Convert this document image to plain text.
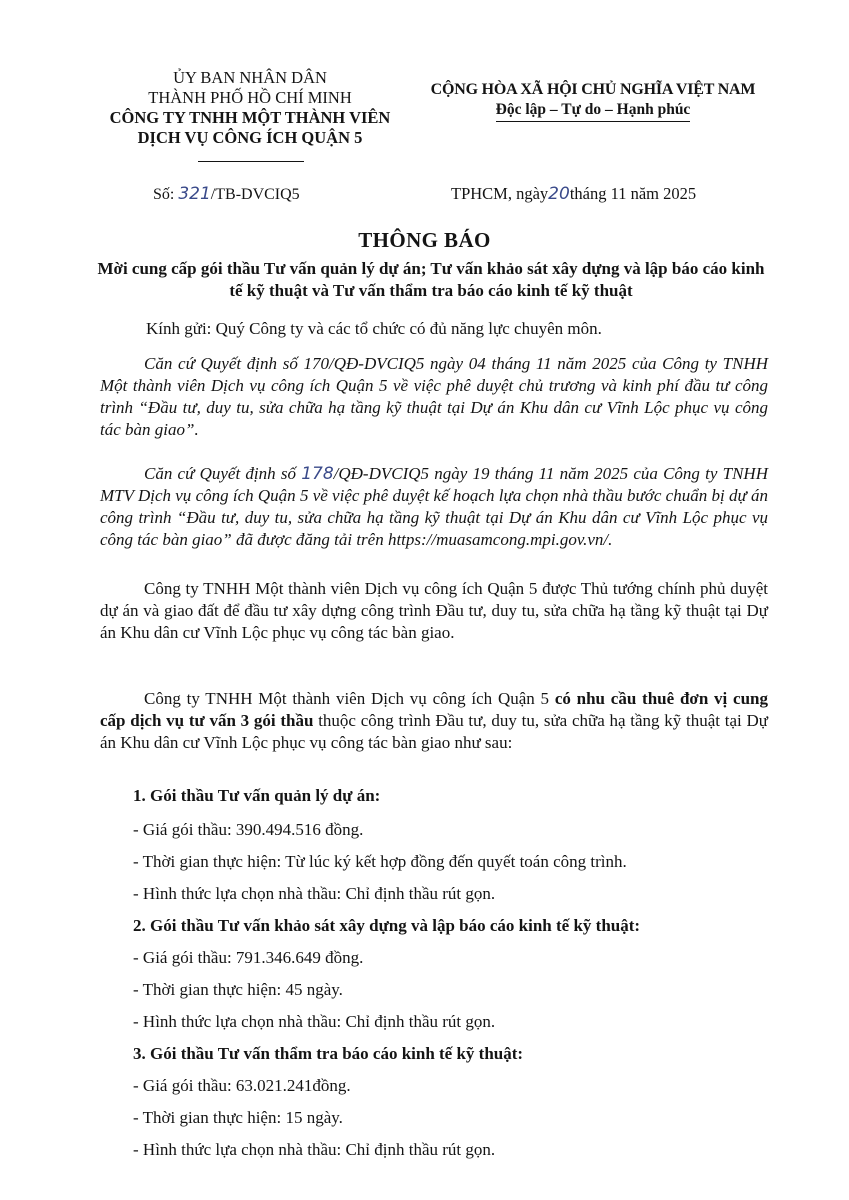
ỦY BAN NHÂN DÂN
THÀNH PHỐ HỒ CHÍ MINH
CÔNG TY TNHH MỘT THÀNH VIÊN
DỊCH VỤ CÔNG ÍCH QUẬN 5
CỘNG HÒA XÃ HỘI CHỦ NGHĨA VIỆT NAM
Độc lập – Tự do – Hạnh phúc
Số: 321/TB-DVCIQ5	TPHCM, ngày20tháng 11 năm 2025
THÔNG BÁO
Mời cung cấp gói thầu Tư vấn quản lý dự án; Tư vấn khảo sát xây dựng và lập báo cáo kinh tế kỹ thuật và Tư vấn thẩm tra báo cáo kinh tế kỹ thuật
Kính gửi: Quý Công ty và các tổ chức có đủ năng lực chuyên môn.
Căn cứ Quyết định số 170/QĐ-DVCIQ5 ngày 04 tháng 11 năm 2025 của Công ty TNHH Một thành viên Dịch vụ công ích Quận 5 về việc phê duyệt chủ trương và kinh phí đầu tư công trình “Đầu tư, duy tu, sửa chữa hạ tầng kỹ thuật tại Dự án Khu dân cư Vĩnh Lộc phục vụ công tác bàn giao”.
Căn cứ Quyết định số 178/QĐ-DVCIQ5 ngày 19 tháng 11 năm 2025 của Công ty TNHH MTV Dịch vụ công ích Quận 5 về việc phê duyệt kế hoạch lựa chọn nhà thầu bước chuẩn bị dự án công trình “Đầu tư, duy tu, sửa chữa hạ tầng kỹ thuật tại Dự án Khu dân cư Vĩnh Lộc phục vụ công tác bàn giao” đã được đăng tải trên https://muasamcong.mpi.gov.vn/.
Công ty TNHH Một thành viên Dịch vụ công ích Quận 5 được Thủ tướng chính phủ duyệt dự án và giao đất để đầu tư xây dựng công trình Đầu tư, duy tu, sửa chữa hạ tầng kỹ thuật tại Dự án Khu dân cư Vĩnh Lộc phục vụ công tác bàn giao.
Công ty TNHH Một thành viên Dịch vụ công ích Quận 5 có nhu cầu thuê đơn vị cung cấp dịch vụ tư vấn 3 gói thầu thuộc công trình Đầu tư, duy tu, sửa chữa hạ tầng kỹ thuật tại Dự án Khu dân cư Vĩnh Lộc phục vụ công tác bàn giao như sau:
1. Gói thầu Tư vấn quản lý dự án:
- Giá gói thầu: 390.494.516 đồng.
- Thời gian thực hiện: Từ lúc ký kết hợp đồng đến quyết toán công trình.
- Hình thức lựa chọn nhà thầu: Chỉ định thầu rút gọn.
2. Gói thầu Tư vấn khảo sát xây dựng và lập báo cáo kinh tế kỹ thuật:
- Giá gói thầu: 791.346.649 đồng.
- Thời gian thực hiện: 45 ngày.
- Hình thức lựa chọn nhà thầu: Chỉ định thầu rút gọn.
3. Gói thầu Tư vấn thẩm tra báo cáo kinh tế kỹ thuật:
- Giá gói thầu: 63.021.241đồng.
- Thời gian thực hiện: 15 ngày.
- Hình thức lựa chọn nhà thầu: Chỉ định thầu rút gọn.
